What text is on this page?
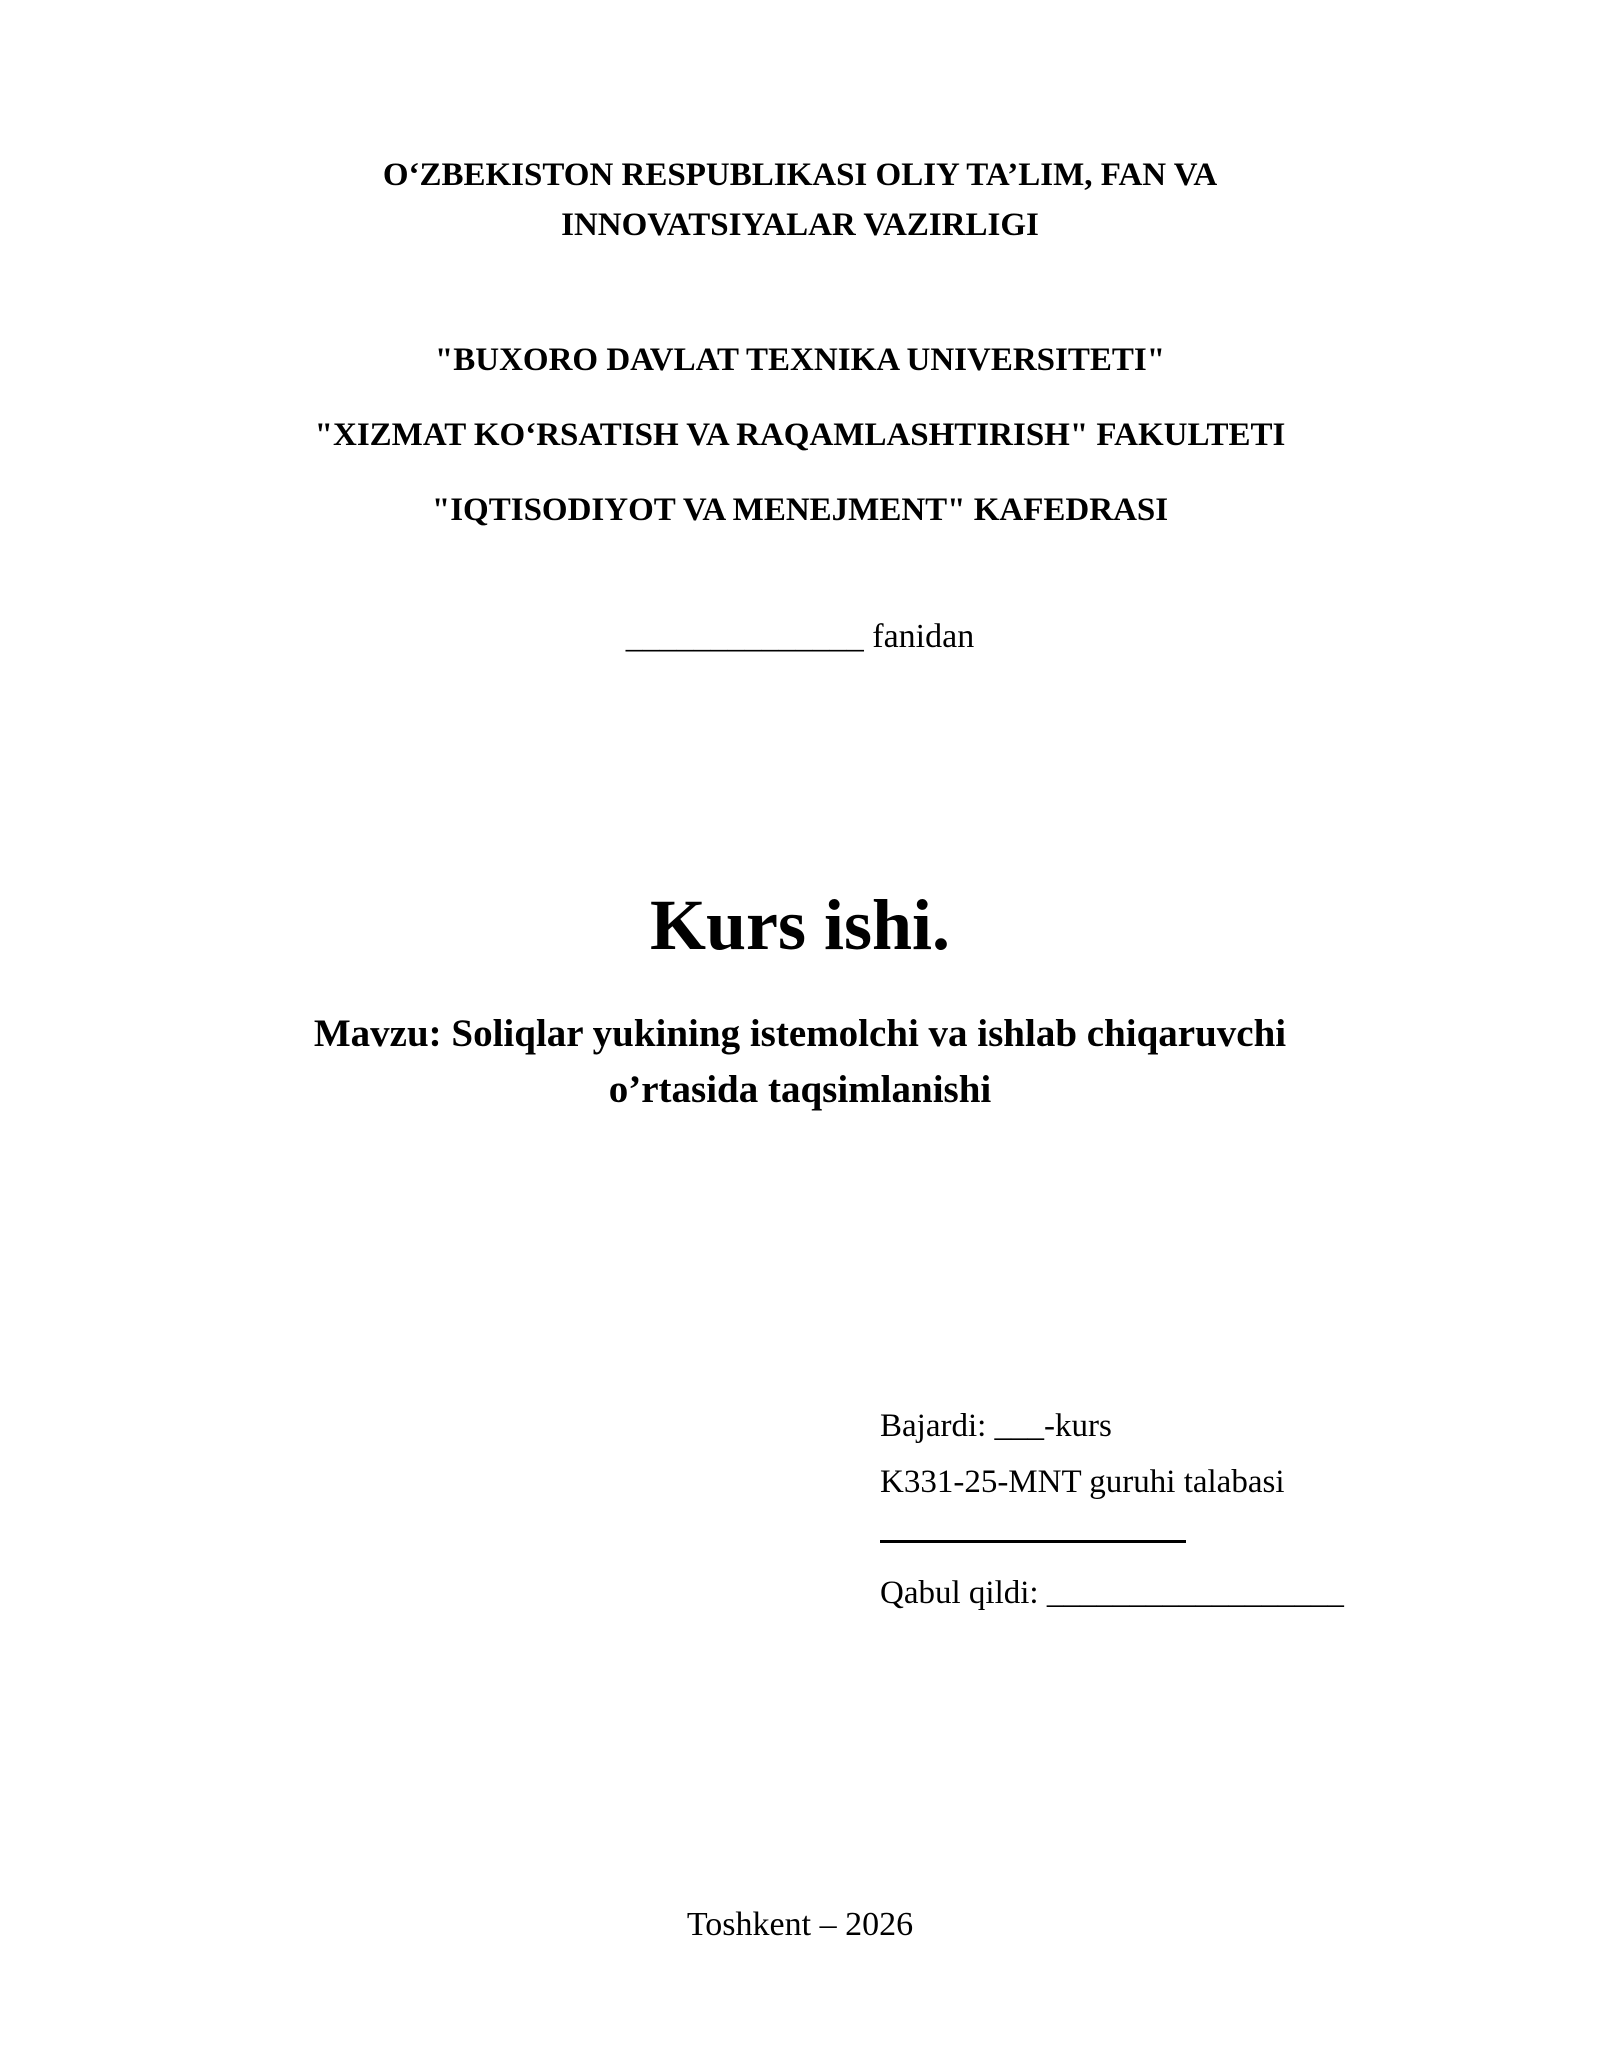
O‘ZBEKISTON RESPUBLIKASI OLIY TA’LIM, FAN VA
INNOVATSIYALAR VAZIRLIGI
"BUXORO DAVLAT TEXNIKA UNIVERSITETI"
"XIZMAT KO‘RSATISH VA RAQAMLASHTIRISH" FAKULTETI
"IQTISODIYOT VA MENEJMENT" KAFEDRASI
______________ fanidan
Kurs ishi.
Mavzu: Soliqlar yukining istemolchi va ishlab chiqaruvchi o’rtasida taqsimlanishi
Bajardi: ___-kurs
K331-25-MNT guruhi talabasi
Qabul qildi: __________________
Toshkent – 2026
